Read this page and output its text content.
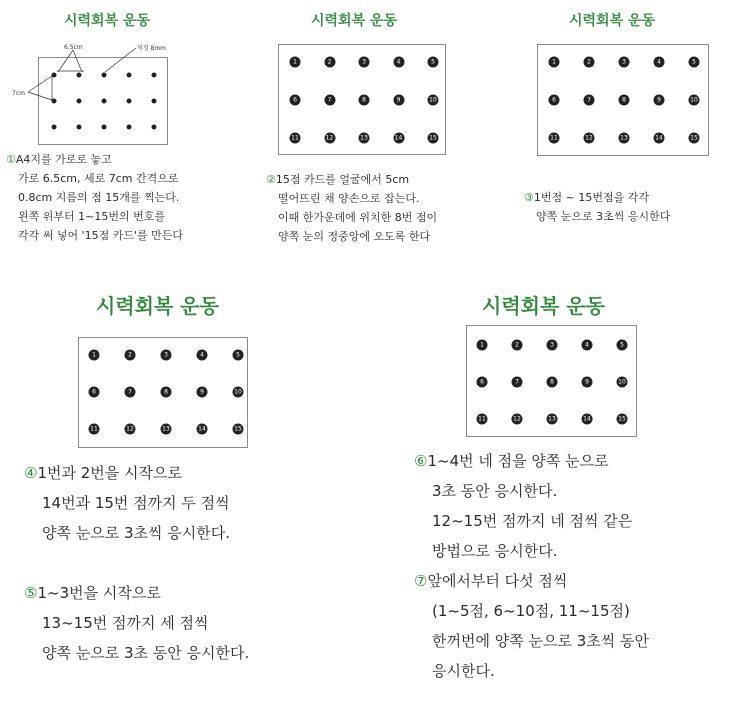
시력회복 운동
6.5cm
7cm
직경 8mm
①A4지를 가로로 놓고
가로 6.5cm, 세로 7cm 간격으로
0.8cm 지름의 점 15개를 찍는다.
왼쪽 위부터 1~15번의 번호를
각각 써 넣어 '15점 카드'를 만든다
시력회복 운동
1	2	3	4	5
6	7	8	9	10
11	12	13	14	15
②15점 카드를 얼굴에서 5cm
떨어뜨린 채 양손으로 잡는다.
이때 한가운데에 위치한 8번 점이
양쪽 눈의 정중앙에 오도록 한다
시력회복 운동
1	2	3	4	5
6	7	8	9	10
11	12	13	14	15
③1번점 ~ 15번점을 각각
양쪽 눈으로 3초씩 응시한다
시력회복 운동
1	2	3	4	5
6	7	8	9	10
11	12	13	14	15
④1번과 2번을 시작으로
14번과 15번 점까지 두 점씩
양쪽 눈으로 3초씩 응시한다.
⑤1~3번을 시작으로
13~15번 점까지 세 점씩
양쪽 눈으로 3초 동안 응시한다.
시력회복 운동
1	2	3	4	5
6	7	8	9	10
11	12	13	14	15
⑥1~4번 네 점을 양쪽 눈으로
3초 동안 응시한다.
12~15번 점까지 네 점씩 같은
방법으로 응시한다.
⑦앞에서부터 다섯 점씩
(1~5점, 6~10점, 11~15점)
한꺼번에 양쪽 눈으로 3초씩 동안
응시한다.
